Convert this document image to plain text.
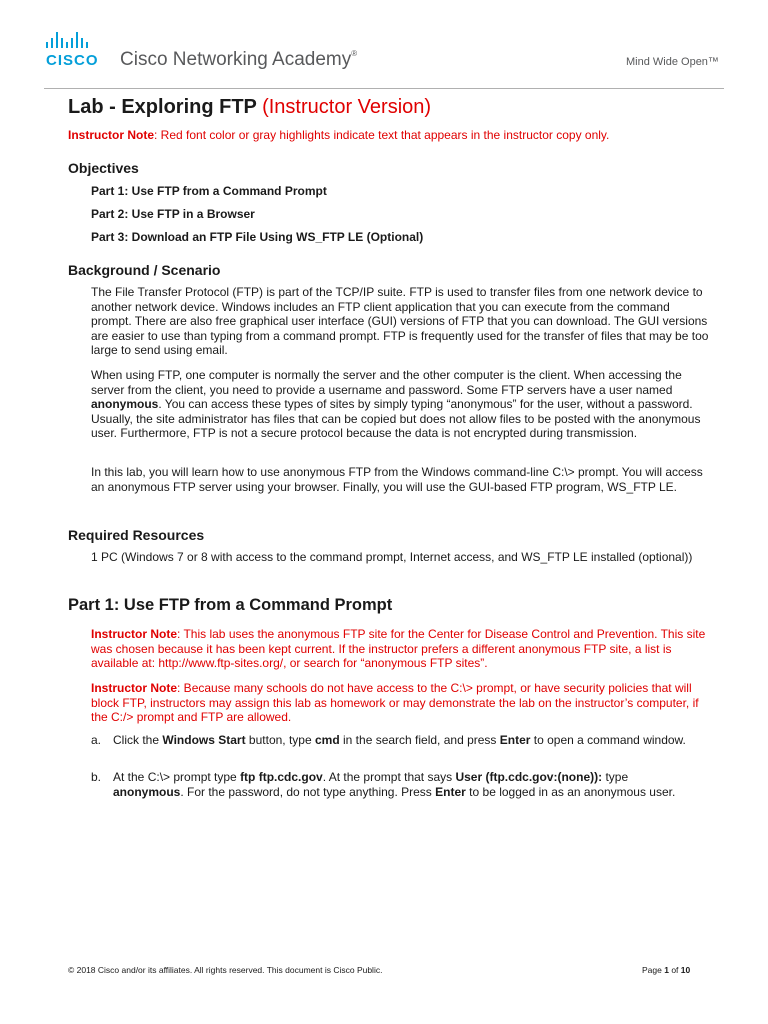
CISCO Cisco Networking Academy®
Mind Wide Open™
Lab - Exploring FTP (Instructor Version)
Instructor Note: Red font color or gray highlights indicate text that appears in the instructor copy only.
Objectives
Part 1: Use FTP from a Command Prompt
Part 2: Use FTP in a Browser
Part 3: Download an FTP File Using WS_FTP LE (Optional)
Background / Scenario
The File Transfer Protocol (FTP) is part of the TCP/IP suite. FTP is used to transfer files from one network device to another network device. Windows includes an FTP client application that you can execute from the command prompt. There are also free graphical user interface (GUI) versions of FTP that you can download. The GUI versions are easier to use than typing from a command prompt. FTP is frequently used for the transfer of files that may be too large to send using email.
When using FTP, one computer is normally the server and the other computer is the client. When accessing the server from the client, you need to provide a username and password. Some FTP servers have a user named anonymous. You can access these types of sites by simply typing “anonymous” for the user, without a password. Usually, the site administrator has files that can be copied but does not allow files to be posted with the anonymous user. Furthermore, FTP is not a secure protocol because the data is not encrypted during transmission.
In this lab, you will learn how to use anonymous FTP from the Windows command-line C:\> prompt. You will access an anonymous FTP server using your browser. Finally, you will use the GUI-based FTP program, WS_FTP LE.
Required Resources
1 PC (Windows 7 or 8 with access to the command prompt, Internet access, and WS_FTP LE installed (optional))
Part 1: Use FTP from a Command Prompt
Instructor Note: This lab uses the anonymous FTP site for the Center for Disease Control and Prevention. This site was chosen because it has been kept current. If the instructor prefers a different anonymous FTP site, a list is available at: http://www.ftp-sites.org/, or search for “anonymous FTP sites”.
Instructor Note: Because many schools do not have access to the C:\> prompt, or have security policies that will block FTP, instructors may assign this lab as homework or may demonstrate the lab on the instructor’s computer, if the C:/> prompt and FTP are allowed.
a. Click the Windows Start button, type cmd in the search field, and press Enter to open a command window.
b. At the C:\> prompt type ftp ftp.cdc.gov. At the prompt that says User (ftp.cdc.gov:(none)): type anonymous. For the password, do not type anything. Press Enter to be logged in as an anonymous user.
© 2018 Cisco and/or its affiliates. All rights reserved. This document is Cisco Public.	Page 1 of 10
